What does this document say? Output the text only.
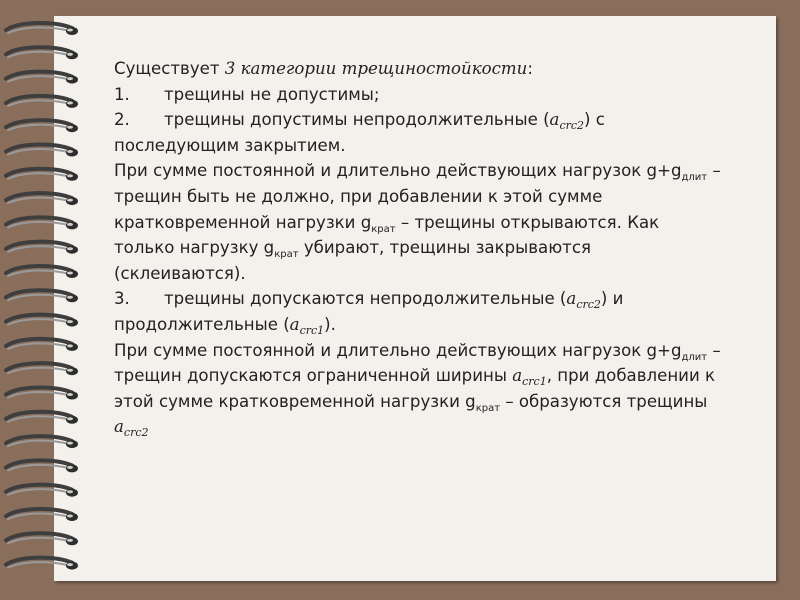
Существует 3 категории трещиностойкости:

1. трещины не допустимы;

2. трещины допустимы непродолжительные $(a_{crc2})$ с последующим закрытием.

При сумме постоянной и длительно действующих нагрузок $g+g_{длит}$ – трещин быть не должно, при добавлении к этой сумме кратковременной нагрузки $g_{крат}$ – трещины открываются. Как только нагрузку $g_{крат}$ убирают, трещины закрываются (склеиваются).

3. трещины допускаются непродолжительные $(a_{crc2})$ и продолжительные $(a_{crc1})$.

При сумме постоянной и длительно действующих нагрузок $g+g_{длит}$ – трещин допускаются ограниченной ширины $a_{crc1}$, при добавлении к этой сумме кратковременной нагрузки $g_{крат}$ – образуются трещины $a_{crc2}$
